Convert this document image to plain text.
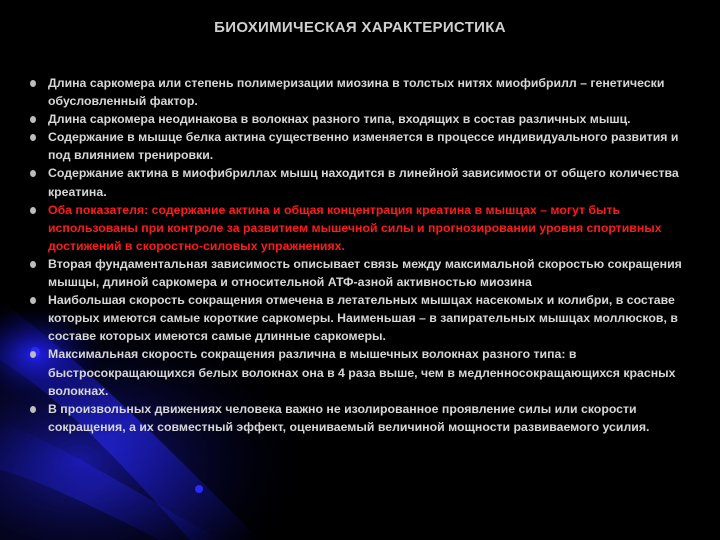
БИОХИМИЧЕСКАЯ ХАРАКТЕРИСТИКА
Длина саркомера или степень полимеризации миозина в толстых нитях миофибрилл – генетически обусловленный фактор.
Длина саркомера неодинакова в волокнах разного типа, входящих в состав различных мышц.
Содержание в мышце белка актина существенно изменяется в процессе индивидуального развития и под влиянием тренировки.
Содержание актина в миофибриллах мышц находится в линейной зависимости от общего количества креатина.
Оба показателя: содержание актина и общая концентрация креатина в мышцах – могут быть использованы при контроле за развитием мышечной силы и прогнозировании уровня спортивных достижений в скоростно-силовых упражнениях.
Вторая фундаментальная зависимость описывает связь между максимальной скоростью сокращения мышцы, длиной саркомера и относительной АТФ-азной активностью миозина
Наибольшая скорость сокращения отмечена в летательных мышцах насекомых и колибри, в составе которых имеются самые короткие саркомеры. Наименьшая – в запирательных мышцах моллюсков, в составе которых имеются самые длинные саркомеры.
Максимальная скорость сокращения различна в мышечных волокнах разного типа: в быстросокращающихся белых волокнах она в 4 раза выше, чем в медленносокращающихся красных волокнах.
В произвольных движениях человека важно не изолированное проявление силы или скорости сокращения, а их совместный эффект, оцениваемый величиной мощности развиваемого усилия.
